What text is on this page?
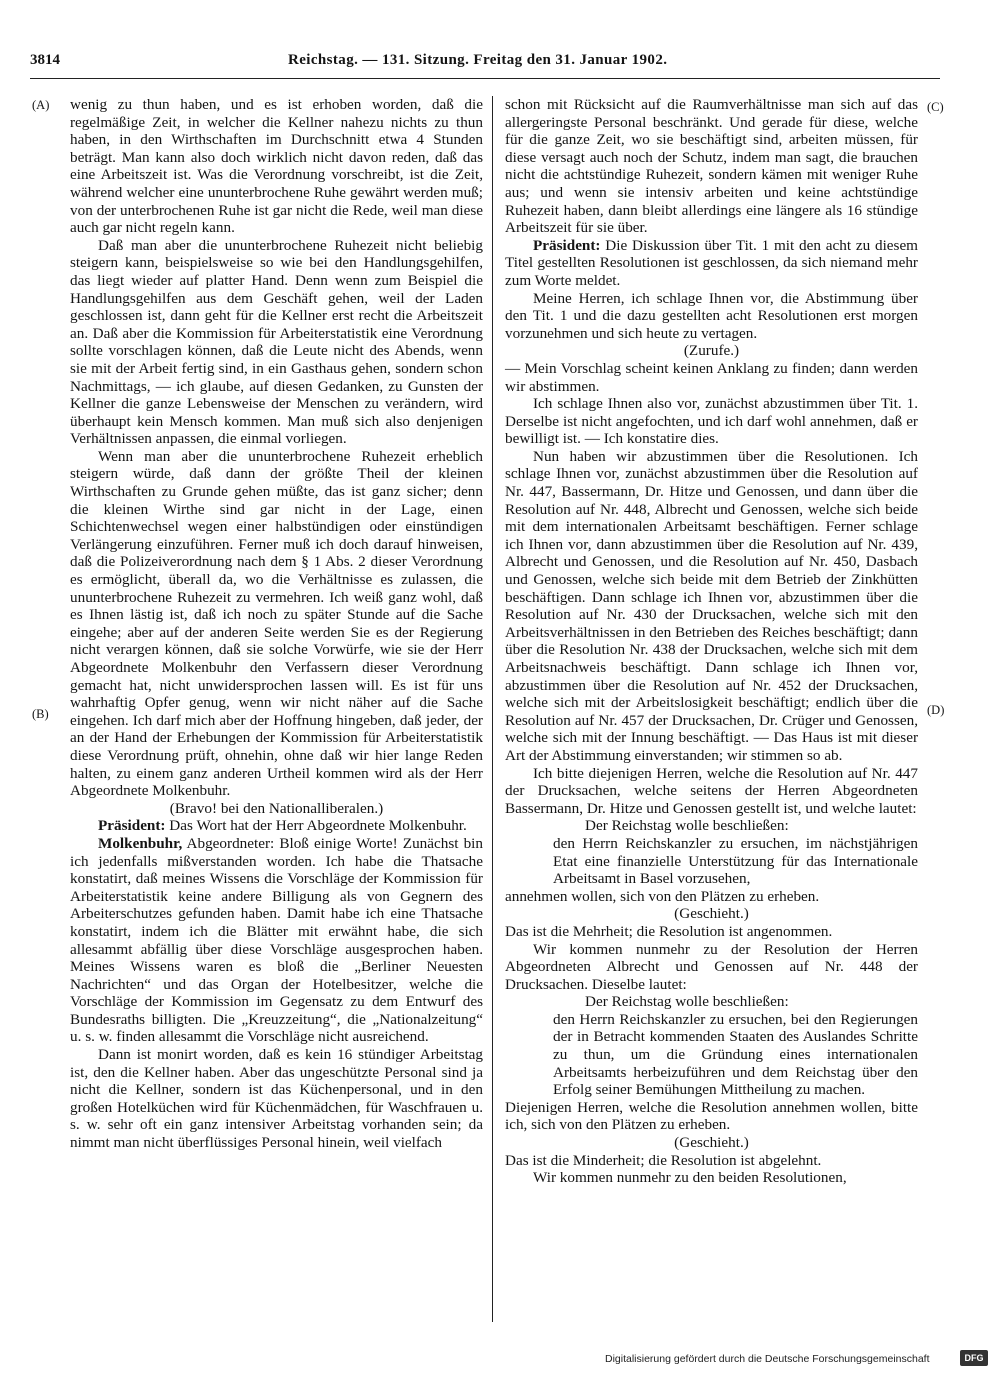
3814	Reichstag. — 131. Sitzung. Freitag den 31. Januar 1902.
(A)
(B)
(C)
(D)

wenig zu thun haben, und es ist erhoben worden, daß die regelmäßige Zeit, in welcher die Kellner nahezu nichts zu thun haben, in den Wirthschaften im Durchschnitt etwa 4 Stunden beträgt. Man kann also doch wirklich nicht davon reden, daß das eine Arbeitszeit ist. Was die Verordnung vorschreibt, ist die Zeit, während welcher eine ununterbrochene Ruhe gewährt werden muß; von der unterbrochenen Ruhe ist gar nicht die Rede, weil man diese auch gar nicht regeln kann.

Daß man aber die ununterbrochene Ruhezeit nicht beliebig steigern kann, beispielsweise so wie bei den Handlungsgehilfen, das liegt wieder auf platter Hand. Denn wenn zum Beispiel die Handlungsgehilfen aus dem Geschäft gehen, weil der Laden geschlossen ist, dann geht für die Kellner erst recht die Arbeitszeit an. Daß aber die Kommission für Arbeiterstatistik eine Verordnung sollte vorschlagen können, daß die Leute nicht des Abends, wenn sie mit der Arbeit fertig sind, in ein Gasthaus gehen, sondern schon Nachmittags, — ich glaube, auf diesen Gedanken, zu Gunsten der Kellner die ganze Lebensweise der Menschen zu verändern, wird überhaupt kein Mensch kommen. Man muß sich also denjenigen Verhältnissen anpassen, die einmal vorliegen.

Wenn man aber die ununterbrochene Ruhezeit erheblich steigern würde, daß dann der größte Theil der kleinen Wirthschaften zu Grunde gehen müßte, das ist ganz sicher; denn die kleinen Wirthe sind gar nicht in der Lage, einen Schichtenwechsel wegen einer halbstündigen oder einstündigen Verlängerung einzuführen. Ferner muß ich doch darauf hinweisen, daß die Polizeiverordnung nach dem § 1 Abs. 2 dieser Verordnung es ermöglicht, überall da, wo die Verhältnisse es zulassen, die ununterbrochene Ruhezeit zu vermehren. Ich weiß ganz wohl, daß es Ihnen lästig ist, daß ich noch zu später Stunde auf die Sache eingehe; aber auf der anderen Seite werden Sie es der Regierung nicht verargen können, daß sie solche Vorwürfe, wie sie der Herr Abgeordnete Molkenbuhr den Verfassern dieser Verordnung gemacht hat, nicht unwidersprochen lassen will. Es ist für uns wahrhaftig Opfer genug, wenn wir nicht näher auf die Sache eingehen. Ich darf mich aber der Hoffnung hingeben, daß jeder, der an der Hand der Erhebungen der Kommission für Arbeiterstatistik diese Verordnung prüft, ohnehin, ohne daß wir hier lange Reden halten, zu einem ganz anderen Urtheil kommen wird als der Herr Abgeordnete Molkenbuhr.

(Bravo! bei den Nationalliberalen.)

Präsident: Das Wort hat der Herr Abgeordnete Molkenbuhr.

Molkenbuhr, Abgeordneter: Bloß einige Worte! Zunächst bin ich jedenfalls mißverstanden worden. Ich habe die Thatsache konstatirt, daß meines Wissens die Vorschläge der Kommission für Arbeiterstatistik keine andere Billigung als von Gegnern des Arbeiterschutzes gefunden haben. Damit habe ich eine Thatsache konstatirt, indem ich die Blätter mit erwähnt habe, die sich allesammt abfällig über diese Vorschläge ausgesprochen haben. Meines Wissens waren es bloß die „Berliner Neuesten Nachrichten“ und das Organ der Hotelbesitzer, welche die Vorschläge der Kommission im Gegensatz zu dem Entwurf des Bundesraths billigten. Die „Kreuzzeitung“, die „Nationalzeitung“ u. s. w. finden allesammt die Vorschläge nicht ausreichend.

Dann ist monirt worden, daß es kein 16 stündiger Arbeitstag ist, den die Kellner haben. Aber das ungeschützte Personal sind ja nicht die Kellner, sondern ist das Küchenpersonal, und in den großen Hotelküchen wird für Küchenmädchen, für Waschfrauen u. s. w. sehr oft ein ganz intensiver Arbeitstag vorhanden sein; da nimmt man nicht überflüssiges Personal hinein, weil vielfach

schon mit Rücksicht auf die Raumverhältnisse man sich auf das allergeringste Personal beschränkt. Und gerade für diese, welche für die ganze Zeit, wo sie beschäftigt sind, arbeiten müssen, für diese versagt auch noch der Schutz, indem man sagt, die brauchen nicht die achtstündige Ruhezeit, sondern kämen mit weniger Ruhe aus; und wenn sie intensiv arbeiten und keine achtstündige Ruhezeit haben, dann bleibt allerdings eine längere als 16 stündige Arbeitszeit für sie über.

Präsident: Die Diskussion über Tit. 1 mit den acht zu diesem Titel gestellten Resolutionen ist geschlossen, da sich niemand mehr zum Worte meldet.

Meine Herren, ich schlage Ihnen vor, die Abstimmung über den Tit. 1 und die dazu gestellten acht Resolutionen erst morgen vorzunehmen und sich heute zu vertagen.

(Zurufe.)

— Mein Vorschlag scheint keinen Anklang zu finden; dann werden wir abstimmen.

Ich schlage Ihnen also vor, zunächst abzustimmen über Tit. 1. Derselbe ist nicht angefochten, und ich darf wohl annehmen, daß er bewilligt ist. — Ich konstatire dies.

Nun haben wir abzustimmen über die Resolutionen. Ich schlage Ihnen vor, zunächst abzustimmen über die Resolution auf Nr. 447, Bassermann, Dr. Hitze und Genossen, und dann über die Resolution auf Nr. 448, Albrecht und Genossen, welche sich beide mit dem internationalen Arbeitsamt beschäftigen. Ferner schlage ich Ihnen vor, dann abzustimmen über die Resolution auf Nr. 439, Albrecht und Genossen, und die Resolution auf Nr. 450, Dasbach und Genossen, welche sich beide mit dem Betrieb der Zinkhütten beschäftigen. Dann schlage ich Ihnen vor, abzustimmen über die Resolution auf Nr. 430 der Drucksachen, welche sich mit den Arbeitsverhältnissen in den Betrieben des Reiches beschäftigt; dann über die Resolution Nr. 438 der Drucksachen, welche sich mit dem Arbeitsnachweis beschäftigt. Dann schlage ich Ihnen vor, abzustimmen über die Resolution auf Nr. 452 der Drucksachen, welche sich mit der Arbeitslosigkeit beschäftigt; endlich über die Resolution auf Nr. 457 der Drucksachen, Dr. Crüger und Genossen, welche sich mit der Innung beschäftigt. — Das Haus ist mit dieser Art der Abstimmung einverstanden; wir stimmen so ab.

Ich bitte diejenigen Herren, welche die Resolution auf Nr. 447 der Drucksachen, welche seitens der Herren Abgeordneten Bassermann, Dr. Hitze und Genossen gestellt ist, und welche lautet:

Der Reichstag wolle beschließen:

den Herrn Reichskanzler zu ersuchen, im nächstjährigen Etat eine finanzielle Unterstützung für das Internationale Arbeitsamt in Basel vorzusehen,

annehmen wollen, sich von den Plätzen zu erheben.

(Geschieht.)

Das ist die Mehrheit; die Resolution ist angenommen.

Wir kommen nunmehr zu der Resolution der Herren Abgeordneten Albrecht und Genossen auf Nr. 448 der Drucksachen. Dieselbe lautet:

Der Reichstag wolle beschließen:

den Herrn Reichskanzler zu ersuchen, bei den Regierungen der in Betracht kommenden Staaten des Auslandes Schritte zu thun, um die Gründung eines internationalen Arbeitsamts herbeizuführen und dem Reichstag über den Erfolg seiner Bemühungen Mittheilung zu machen.

Diejenigen Herren, welche die Resolution annehmen wollen, bitte ich, sich von den Plätzen zu erheben.

(Geschieht.)

Das ist die Minderheit; die Resolution ist abgelehnt.

Wir kommen nunmehr zu den beiden Resolutionen,

Digitalisierung gefördert durch die Deutsche Forschungsgemeinschaft	DFG
